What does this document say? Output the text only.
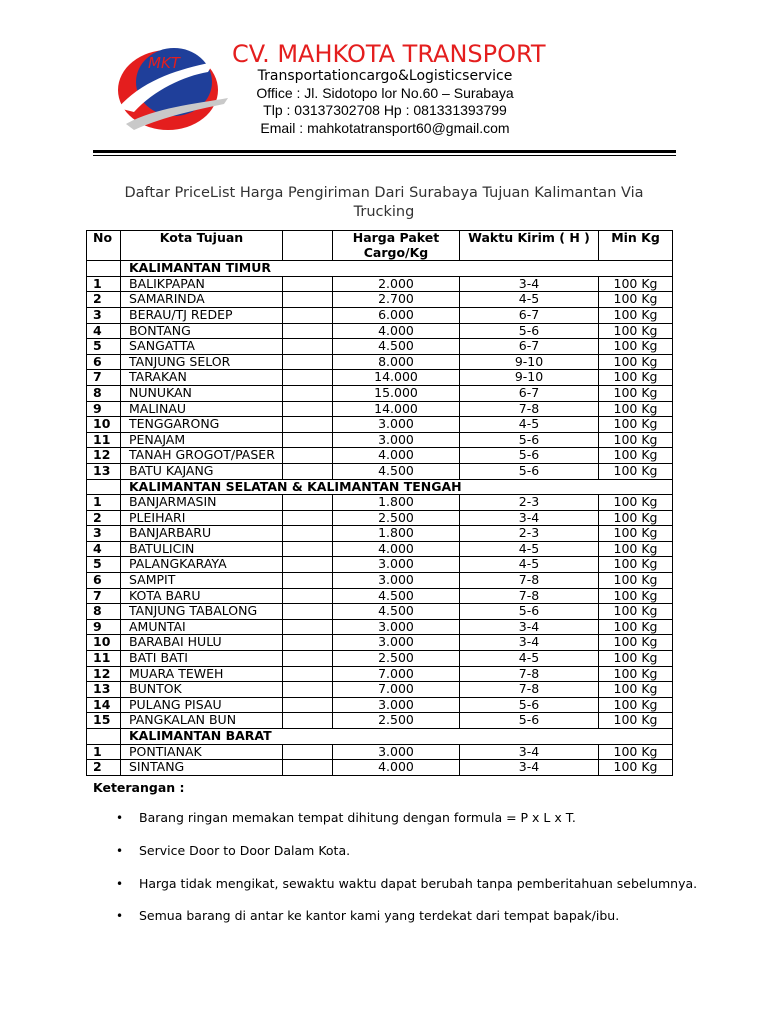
MKT CV. MAHKOTA TRANSPORT
Transportationcargo&Logisticservice
Office : Jl. Sidotopo lor No.60 – Surabaya
Tlp : 03137302708 Hp : 081331393799
Email : mahkotatransport60@gmail.com
Daftar PriceList Harga Pengiriman Dari Surabaya Tujuan Kalimantan Via Trucking
No	Kota Tujuan		Harga Paket Cargo/Kg	Waktu Kirim ( H )	Min Kg
	KALIMANTAN TIMUR				
1	BALIKPAPAN		2.000	3-4	100 Kg
2	SAMARINDA		2.700	4-5	100 Kg
3	BERAU/TJ REDEP		6.000	6-7	100 Kg
4	BONTANG		4.000	5-6	100 Kg
5	SANGATTA		4.500	6-7	100 Kg
6	TANJUNG SELOR		8.000	9-10	100 Kg
7	TARAKAN		14.000	9-10	100 Kg
8	NUNUKAN		15.000	6-7	100 Kg
9	MALINAU		14.000	7-8	100 Kg
10	TENGGARONG		3.000	4-5	100 Kg
11	PENAJAM		3.000	5-6	100 Kg
12	TANAH GROGOT/PASER		4.000	5-6	100 Kg
13	BATU KAJANG		4.500	5-6	100 Kg
	KALIMANTAN SELATAN & KALIMANTAN TENGAH				
1	BANJARMASIN		1.800	2-3	100 Kg
2	PLEIHARI		2.500	3-4	100 Kg
3	BANJARBARU		1.800	2-3	100 Kg
4	BATULICIN		4.000	4-5	100 Kg
5	PALANGKARAYA		3.000	4-5	100 Kg
6	SAMPIT		3.000	7-8	100 Kg
7	KOTA BARU		4.500	7-8	100 Kg
8	TANJUNG TABALONG		4.500	5-6	100 Kg
9	AMUNTAI		3.000	3-4	100 Kg
10	BARABAI HULU		3.000	3-4	100 Kg
11	BATI BATI		2.500	4-5	100 Kg
12	MUARA TEWEH		7.000	7-8	100 Kg
13	BUNTOK		7.000	7-8	100 Kg
14	PULANG PISAU		3.000	5-6	100 Kg
15	PANGKALAN BUN		2.500	5-6	100 Kg
	KALIMANTAN BARAT				
1	PONTIANAK		3.000	3-4	100 Kg
2	SINTANG		4.000	3-4	100 Kg
Keterangan :
• Barang ringan memakan tempat dihitung dengan formula = P x L x T.
• Service Door to Door Dalam Kota.
• Harga tidak mengikat, sewaktu waktu dapat berubah tanpa pemberitahuan sebelumnya.
• Semua barang di antar ke kantor kami yang terdekat dari tempat bapak/ibu.
